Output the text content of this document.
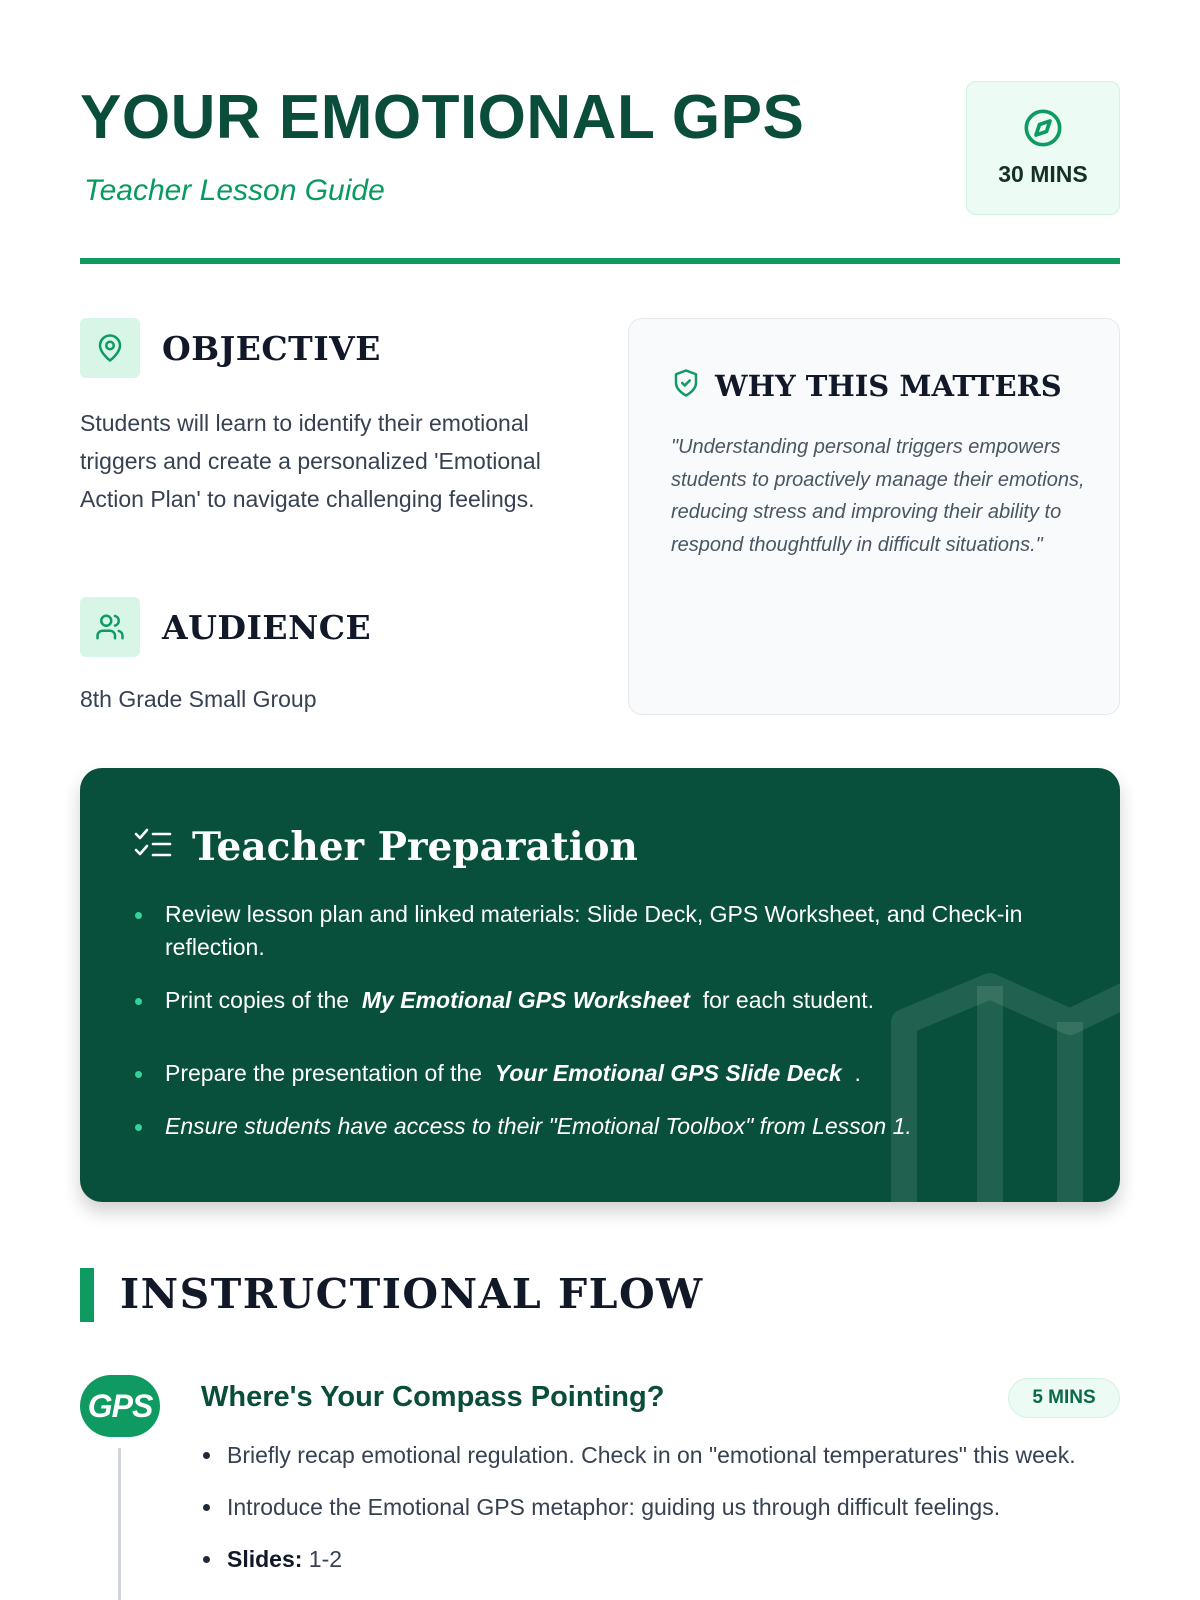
YOUR EMOTIONAL GPS
Teacher Lesson Guide	30 MINS
OBJECTIVE
Students will learn to identify their emotional triggers and create a personalized 'Emotional Action Plan' to navigate challenging feelings.
AUDIENCE
8th Grade Small Group
WHY THIS MATTERS
"Understanding personal triggers empowers students to proactively manage their emotions, reducing stress and improving their ability to respond thoughtfully in difficult situations."
Teacher Preparation
Review lesson plan and linked materials: Slide Deck, GPS Worksheet, and Check-in reflection.
Print copies of the  My Emotional GPS Worksheet  for each student.
Prepare the presentation of the  Your Emotional GPS Slide Deck  .
Ensure students have access to their "Emotional Toolbox" from Lesson 1.
INSTRUCTIONAL FLOW
GPS Where's Your Compass Pointing?	5 MINS
Briefly recap emotional regulation. Check in on "emotional temperatures" this week.
Introduce the Emotional GPS metaphor: guiding us through difficult feelings.
Slides: 1-2
